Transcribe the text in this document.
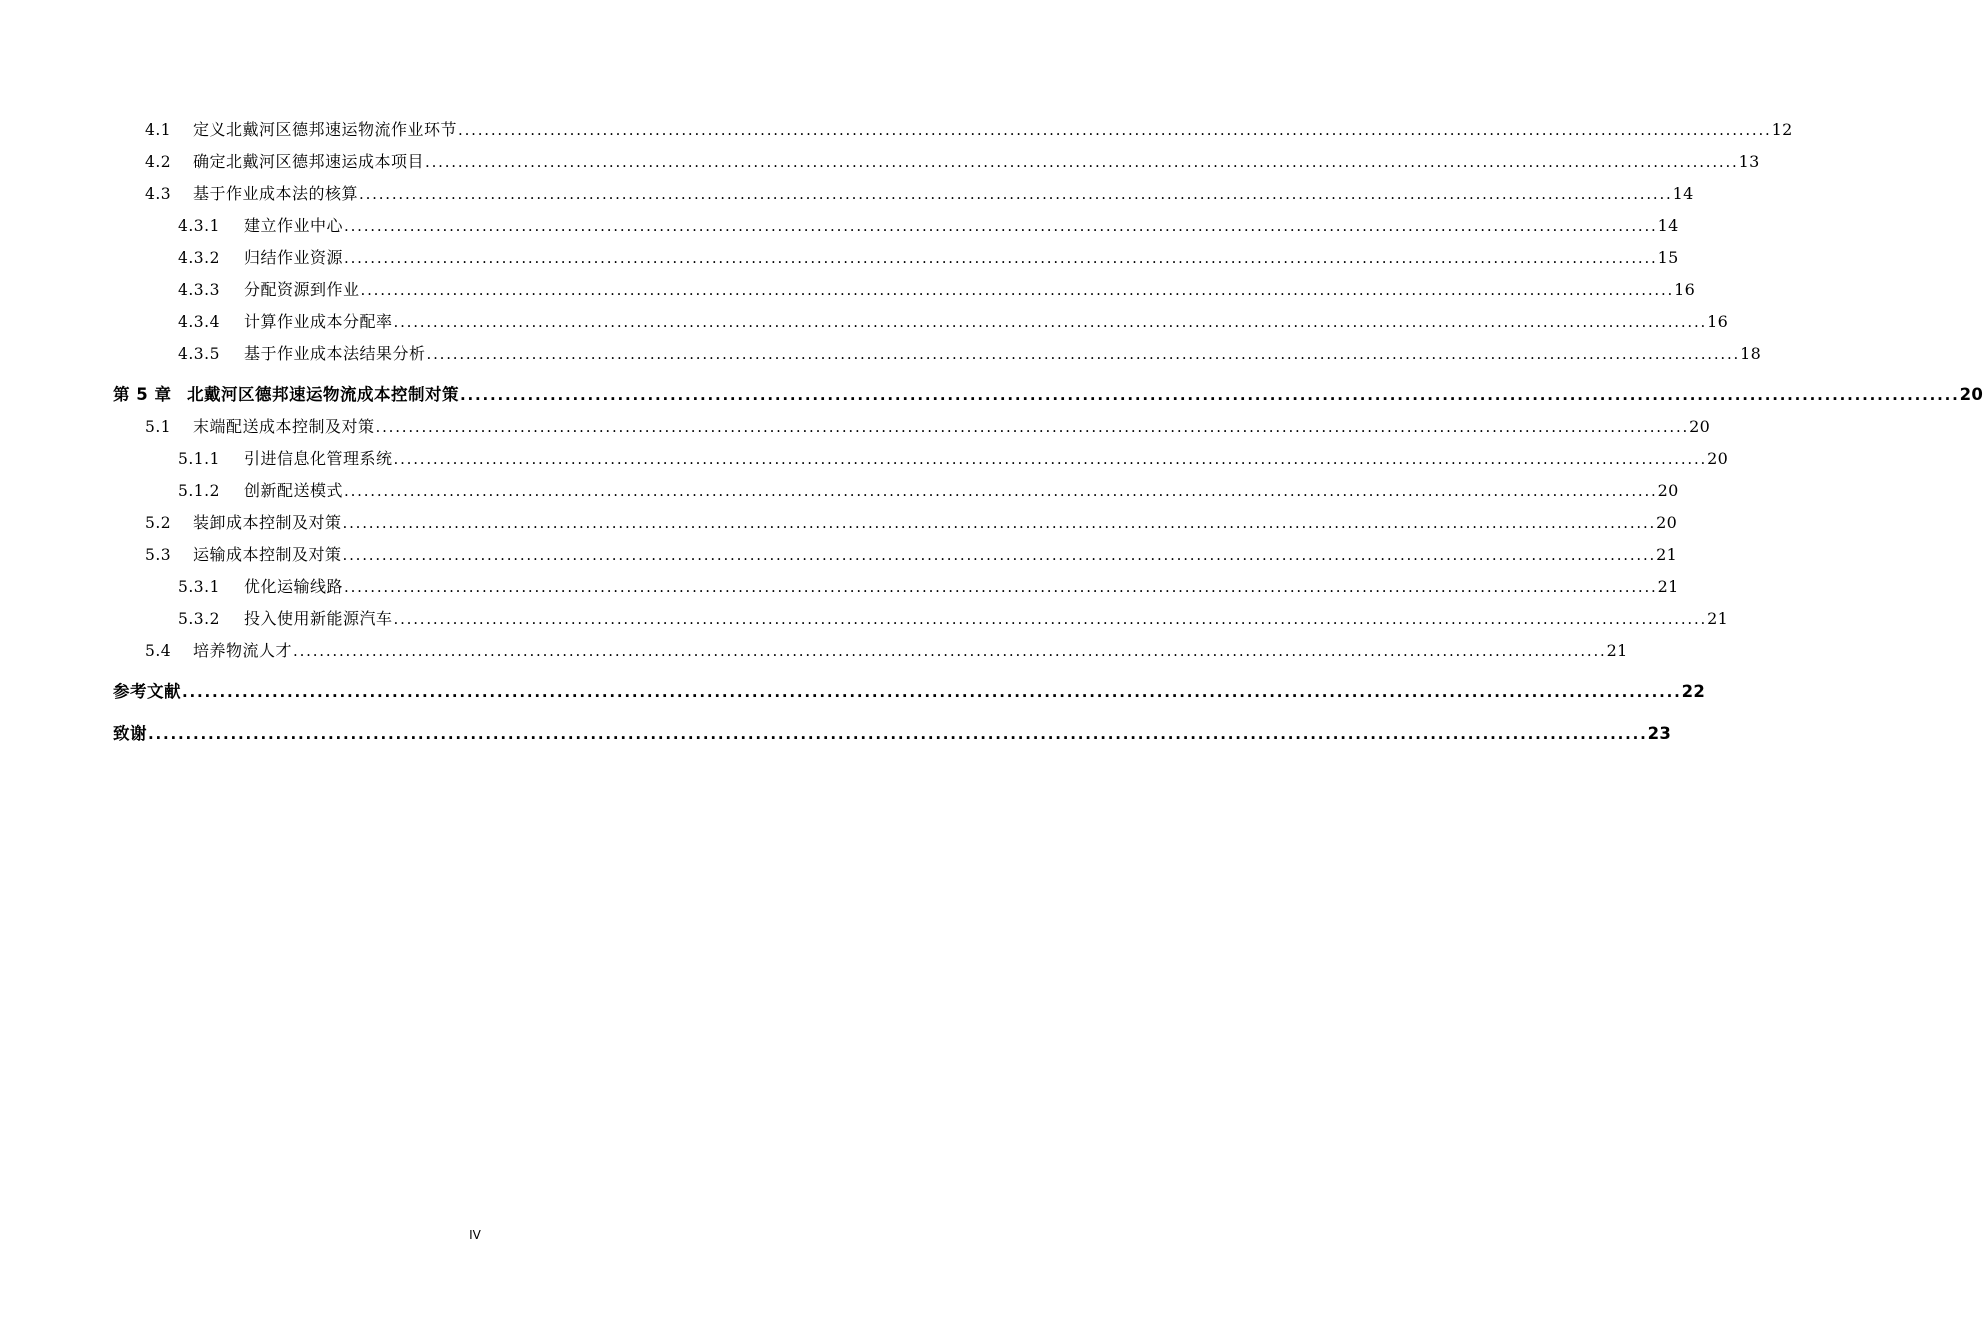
4.1	定义北戴河区德邦速运物流作业环节 ........................................................................................................................................................................................................ 12
4.2	确定北戴河区德邦速运成本项目 ........................................................................................................................................................................................................ 13
4.3	基于作业成本法的核算 ........................................................................................................................................................................................................ 14
4.3.1	建立作业中心 ........................................................................................................................................................................................................ 14
4.3.2	归结作业资源 ........................................................................................................................................................................................................ 15
4.3.3	分配资源到作业 ........................................................................................................................................................................................................ 16
4.3.4	计算作业成本分配率 ........................................................................................................................................................................................................ 16
4.3.5	基于作业成本法结果分析 ........................................................................................................................................................................................................ 18
第 5 章 北戴河区德邦速运物流成本控制对策 ........................................................................................................................................................................................................ 20
5.1	末端配送成本控制及对策 ........................................................................................................................................................................................................ 20
5.1.1	引进信息化管理系统 ........................................................................................................................................................................................................ 20
5.1.2	创新配送模式 ........................................................................................................................................................................................................ 20
5.2	装卸成本控制及对策 ........................................................................................................................................................................................................ 20
5.3	运输成本控制及对策 ........................................................................................................................................................................................................ 21
5.3.1	优化运输线路 ........................................................................................................................................................................................................ 21
5.3.2	投入使用新能源汽车 ........................................................................................................................................................................................................ 21
5.4	培养物流人才 ........................................................................................................................................................................................................ 21
参考文献 ........................................................................................................................................................................................................ 22
致谢 ........................................................................................................................................................................................................ 23
IV
